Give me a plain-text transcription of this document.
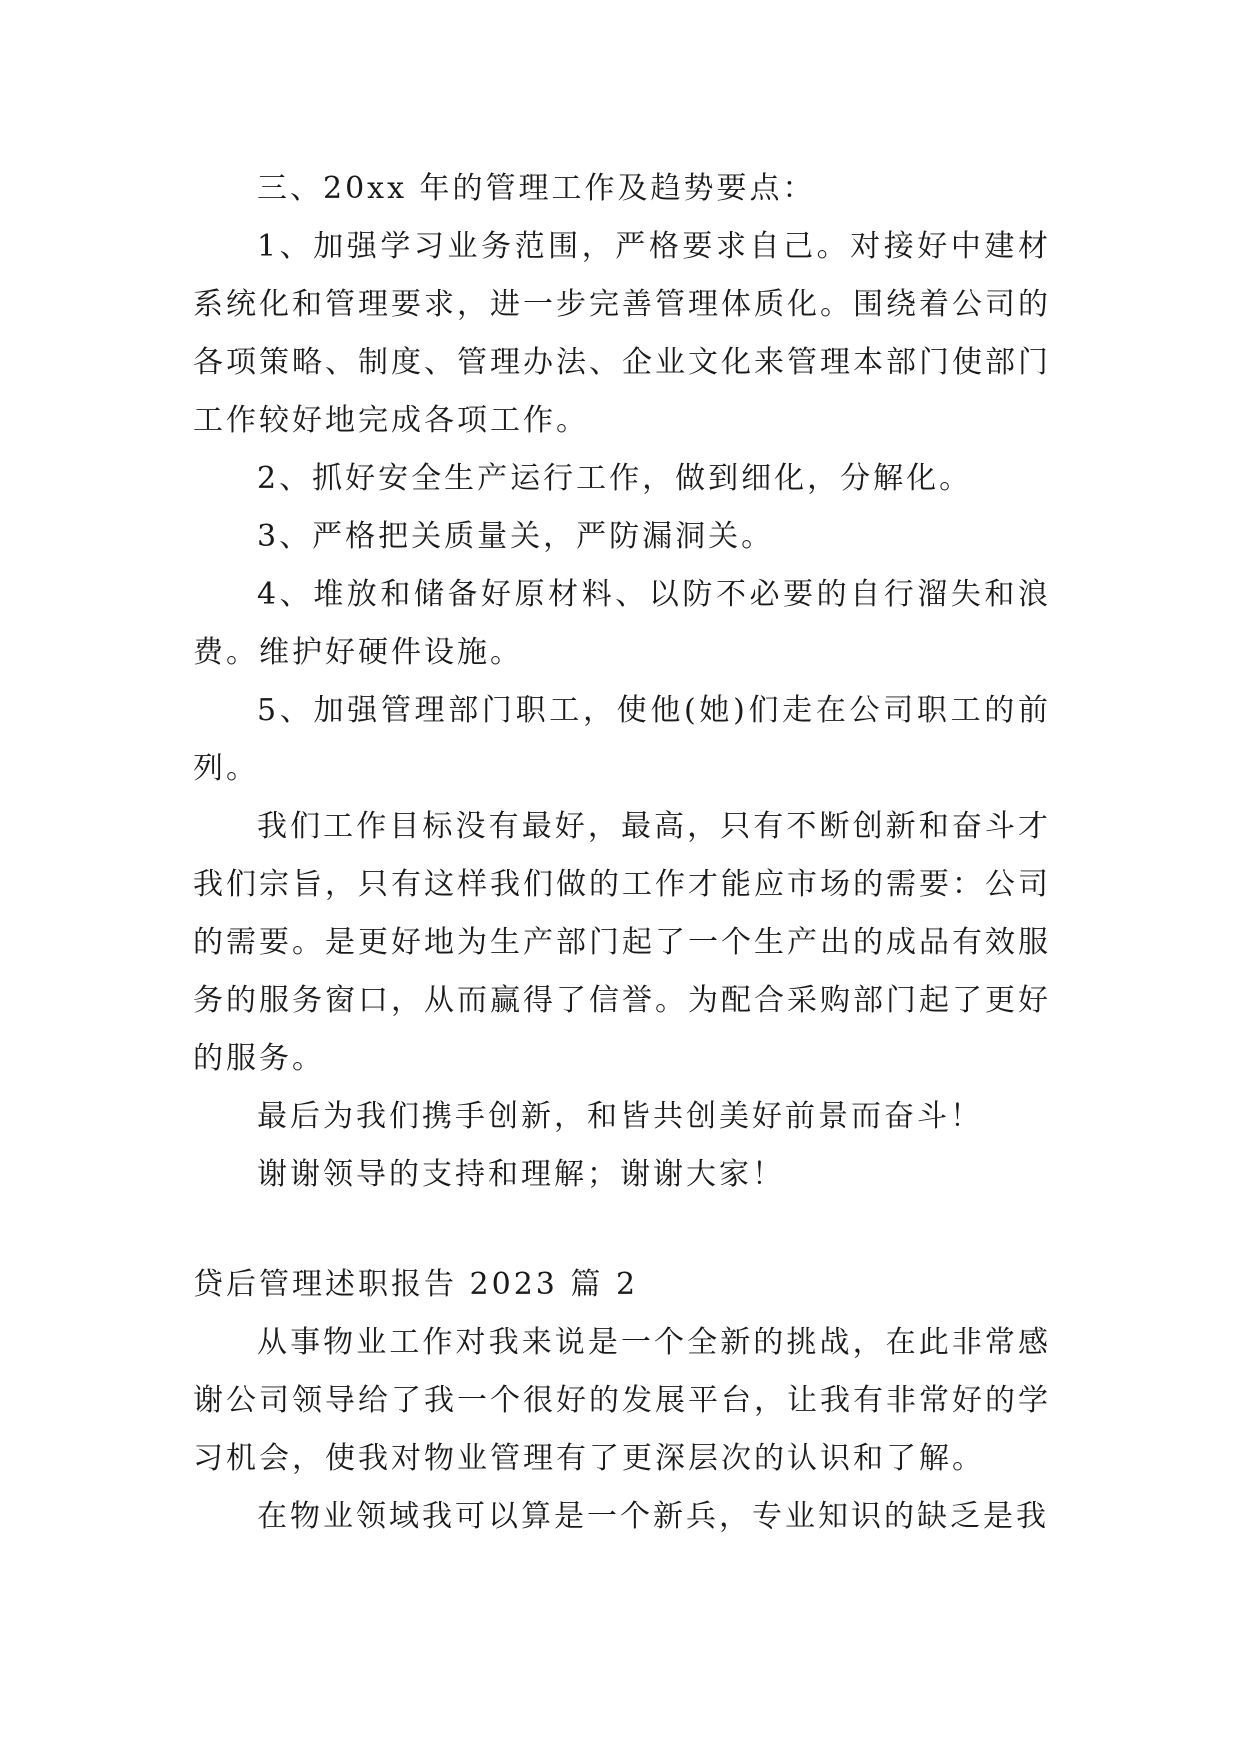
三、20xx 年的管理工作及趋势要点：

1、加强学习业务范围，严格要求自己。对接好中建材系统化和管理要求，进一步完善管理体质化。围绕着公司的各项策略、制度、管理办法、企业文化来管理本部门使部门工作较好地完成各项工作。

2、抓好安全生产运行工作，做到细化，分解化。

3、严格把关质量关，严防漏洞关。

4、堆放和储备好原材料、以防不必要的自行溜失和浪费。维护好硬件设施。

5、加强管理部门职工，使他(她)们走在公司职工的前列。

我们工作目标没有最好，最高，只有不断创新和奋斗才我们宗旨，只有这样我们做的工作才能应市场的需要：公司的需要。是更好地为生产部门起了一个生产出的成品有效服务的服务窗口，从而赢得了信誉。为配合采购部门起了更好的服务。

最后为我们携手创新，和皆共创美好前景而奋斗！

谢谢领导的支持和理解；谢谢大家！

贷后管理述职报告 2023 篇 2

从事物业工作对我来说是一个全新的挑战，在此非常感谢公司领导给了我一个很好的发展平台，让我有非常好的学习机会，使我对物业管理有了更深层次的认识和了解。

在物业领域我可以算是一个新兵，专业知识的缺乏是我
